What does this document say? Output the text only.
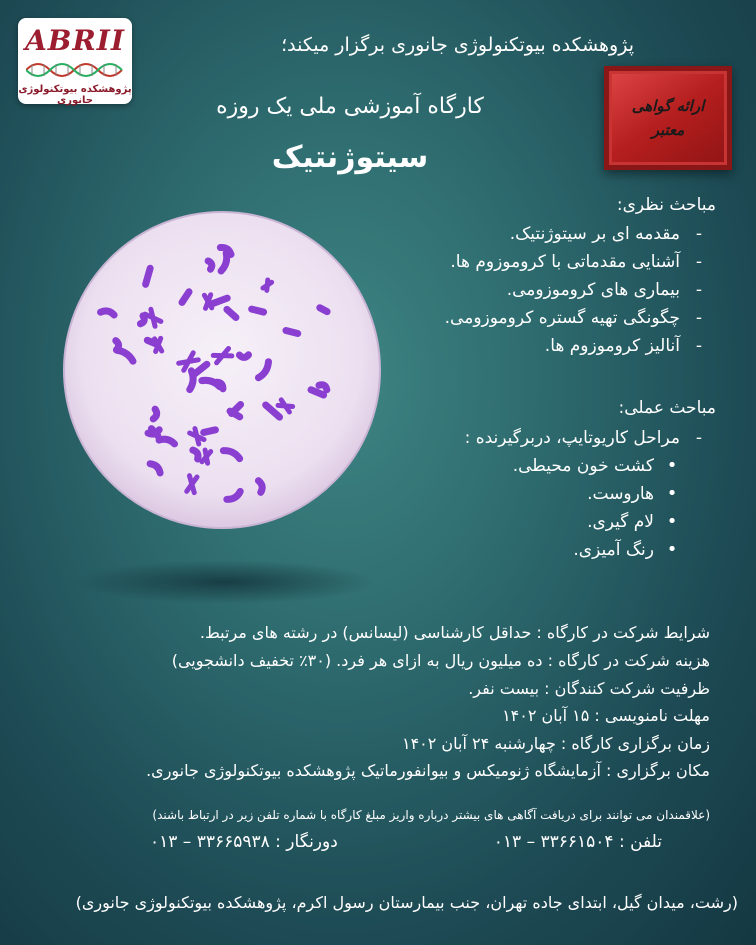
ABRII
پژوهشکده بیوتکنولوژی جانوری
پژوهشکده بیوتکنولوژی جانوری برگزار میکند؛
کارگاه آموزشی ملی یک روزه
سیتوژنتیک
ارائه گواهی
معتبر
مباحث نظری:
- مقدمه ای بر سیتوژنتیک.
- آشنایی مقدماتی با کروموزوم ها.
- بیماری های کروموزومی.
- چگونگی تهیه گستره کروموزومی.
- آنالیز کروموزوم ها.
مباحث عملی:
- مراحل کاریوتایپ، دربرگیرنده :
• کشت خون محیطی.
• هاروست.
• لام گیری.
• رنگ آمیزی.
شرایط شرکت در کارگاه : حداقل کارشناسی (لیسانس) در رشته های مرتبط.
هزینه شرکت در کارگاه : ده میلیون ریال به ازای هر فرد. (۳۰٪ تخفیف دانشجویی)
ظرفیت شرکت کنندگان : بیست نفر.
مهلت نامنویسی : ۱۵ آبان ۱۴۰۲
زمان برگزاری کارگاه : چهارشنبه ۲۴ آبان ۱۴۰۲
مکان برگزاری : آزمایشگاه ژنومیکس و بیوانفورماتیک پژوهشکده بیوتکنولوژی جانوری.
(علاقمندان می توانند برای دریافت آگاهی های بیشتر درباره واریز مبلغ کارگاه با شماره تلفن زیر در ارتباط باشند)
تلفن : ۳۳۶۶۱۵۰۴ – ۰۱۳
دورنگار : ۳۳۶۶۵۹۳۸ – ۰۱۳
(رشت، میدان گیل، ابتدای جاده تهران، جنب بیمارستان رسول اکرم، پژوهشکده بیوتکنولوژی جانوری)
